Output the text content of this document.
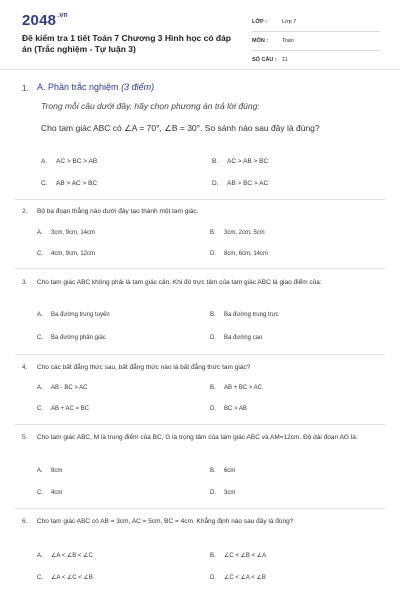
$2048^{.vn}$
Đề kiểm tra 1 tiết Toán 7 Chương 3 Hình học có đáp án (Trắc nghiệm - Tự luận 3)
LỚP :	Lớp 7
MÔN :	Toán
SỐ CÂU : 11
1. A. Phần trắc nghiệm (3 điểm)
Trong mỗi câu dưới đây, hãy chọn phương án trả lời đúng:
Cho tam giác ABC có ∠A = 70°, ∠B = 30°. So sánh nào sau đây là đúng?
A. AC > BC > AB	B. AC > AB > BC
C. AB > AC > BC	D. AB > BC > AC
2. Bộ ba đoạn thẳng nào dưới đây tạo thành một tam giác.
A. 3cm, 9cm, 14cm	B. 3cm, 2cm, 5cm
C. 4cm, 9cm, 12cm	D. 8cm, 6cm, 14cm
3. Cho tam giác ABC không phải là tam giác cân. Khi đó trực tâm của tam giác ABC là giao điểm của:
A. Ba đường trung tuyến	B. Ba đường trung trực
C. Ba đường phân giác	D. Ba đường cao
4. Cho các bất đẳng thức sau, bất đẳng thức nào là bất đẳng thức tam giác?
A. AB - BC > AC	B. AB + BC > AC
C. AB + AC = BC	D. BC > AB
5. Cho tam giác ABC, M là trung điểm của BC, G là trọng tâm của tam giác ABC và AM=12cm. Độ dài đoạn AG là:
A. 8cm	B. 6cm
C. 4cm	D. 3cm
6. Cho tam giác ABC có AB = 3cm, AC = 5cm, BC = 4cm. Khẳng định nào sau đây là đúng?
A. ∠A < ∠B < ∠C	B. ∠C < ∠B < ∠A
C. ∠A < ∠C < ∠B	D. ∠C < ∠A < ∠B
